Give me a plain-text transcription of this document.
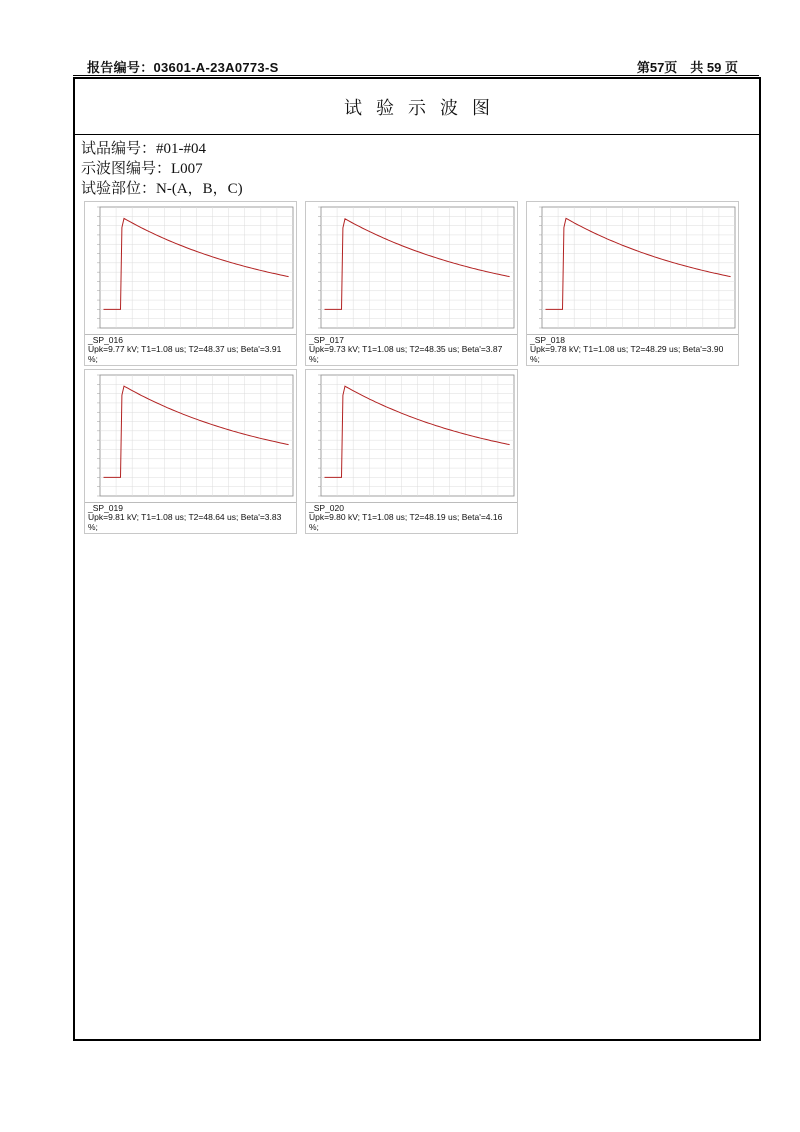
报告编号：03601-A-23A0773-S	第57页　共 59 页
试验示波图
试品编号：#01-#04
示波图编号：L007
试验部位：N-(A，B，C)
_SP_016
Upk=9.77 kV; T1=1.08 us; T2=48.37 us; Beta'=3.91
%;
_SP_017
Upk=9.73 kV; T1=1.08 us; T2=48.35 us; Beta'=3.87
%;
_SP_018
Upk=9.78 kV; T1=1.08 us; T2=48.29 us; Beta'=3.90
%;
_SP_019
Upk=9.81 kV; T1=1.08 us; T2=48.64 us; Beta'=3.83
%;
_SP_020
Upk=9.80 kV; T1=1.08 us; T2=48.19 us; Beta'=4.16
%;
